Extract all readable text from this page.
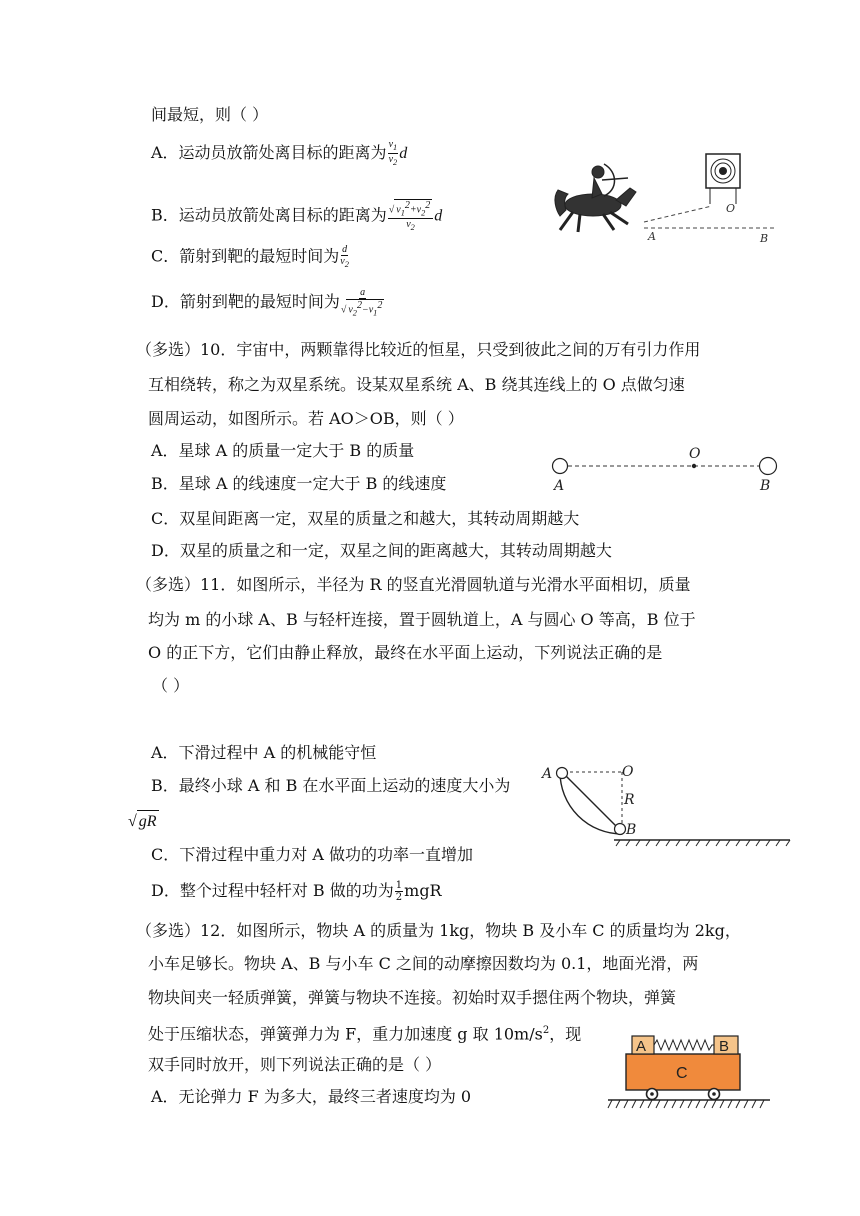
间最短，则（ ）
A．运动员放箭处离目标的距离为 $\frac{v_1}{v_2}$ d
B．运动员放箭处离目标的距离为 $\frac{√ v_1^2+v_2^2}{v_2}$ d
C．箭射到靶的最短时间为 $\frac{d}{v_2}$
D．箭射到靶的最短时间为 $\frac{a}{√ v_2^2-v_1^2}$
A	B
O
（多选）10．宇宙中，两颗靠得比较近的恒星，只受到彼此之间的万有引力作用
互相绕转，称之为双星系统。设某双星系统 A、B 绕其连线上的 O 点做匀速
圆周运动，如图所示。若 AO＞OB，则（ ）
A．星球 A 的质量一定大于 B 的质量
B．星球 A 的线速度一定大于 B 的线速度
C．双星间距离一定，双星的质量之和越大，其转动周期越大
D．双星的质量之和一定，双星之间的距离越大，其转动周期越大
O
A	B
（多选）11．如图所示，半径为 R 的竖直光滑圆轨道与光滑水平面相切，质量
均为 m 的小球 A、B 与轻杆连接，置于圆轨道上，A 与圆心 O 等高，B 位于
O 的正下方，它们由静止释放，最终在水平面上运动，下列说法正确的是
（ ）
A．下滑过程中 A 的机械能守恒
B．最终小球 A 和 B 在水平面上运动的速度大小为
√ gR
C．下滑过程中重力对 A 做功的功率一直增加
D．整个过程中轻杆对 B 做的功为 $\frac{1}{2}$ mgR
A	O
R
B
（多选）12．如图所示，物块 A 的质量为 1kg，物块 B 及小车 C 的质量均为 2kg，
小车足够长。物块 A、B 与小车 C 之间的动摩擦因数均为 0.1，地面光滑，两
物块间夹一轻质弹簧，弹簧与物块不连接。初始时双手摁住两个物块，弹簧
处于压缩状态，弹簧弹力为 F，重力加速度 g 取 $10m/s^2$，现
双手同时放开，则下列说法正确的是（ ）
A．无论弹力 F 为多大，最终三者速度均为 0
A	B
C
